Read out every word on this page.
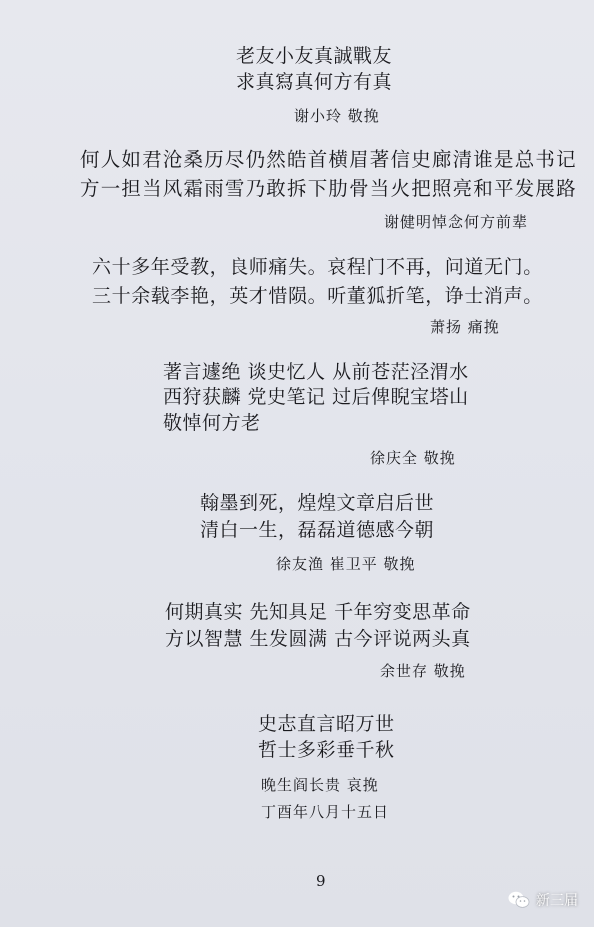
老友小友真誠戰友
求真寫真何方有真
谢小玲 敬挽
何人如君沧桑历尽仍然皓首横眉著信史廊清谁是总书记
方一担当风霜雨雪乃敢拆下肋骨当火把照亮和平发展路
谢健明悼念何方前辈
六十多年受教，良师痛失。哀程门不再，问道无门。
三十余载李艳，英才惜陨。听董狐折笔，诤士消声。
萧扬 痛挽
著言遽绝 谈史忆人 从前苍茫泾渭水
西狩获麟 党史笔记 过后俾睨宝塔山
敬悼何方老
徐庆全 敬挽
翰墨到死，煌煌文章启后世
清白一生，磊磊道德感今朝
徐友渔 崔卫平 敬挽
何期真实 先知具足 千年穷变思革命
方以智慧 生发圆满 古今评说两头真
余世存 敬挽
史志直言昭万世
哲士多彩垂千秋
晚生阎长贵 哀挽
丁酉年八月十五日
9
新三届
